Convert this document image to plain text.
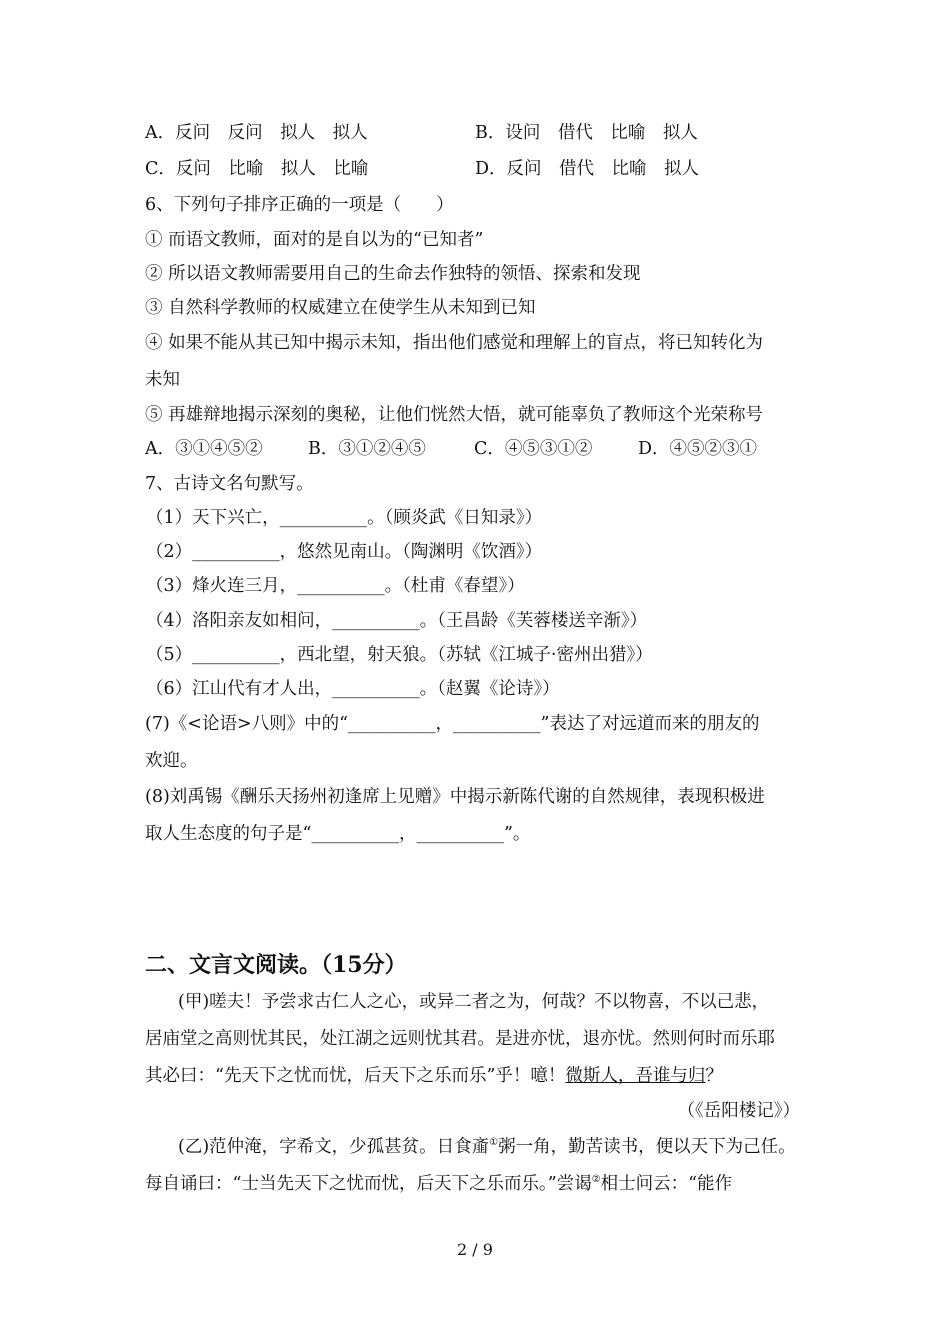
A．反问　反问　拟人　拟人	B．设问　借代　比喻　拟人
C．反问　比喻　拟人　比喻	D．反问　借代　比喻　拟人
6、下列句子排序正确的一项是（　　）
① 而语文教师，面对的是自以为的“已知者”
② 所以语文教师需要用自己的生命去作独特的领悟、探索和发现
③ 自然科学教师的权威建立在使学生从未知到已知
④ 如果不能从其已知中揭示未知，指出他们感觉和理解上的盲点，将已知转化为
未知
⑤ 再雄辩地揭示深刻的奥秘，让他们恍然大悟，就可能辜负了教师这个光荣称号
A．③①④⑤②	B．③①②④⑤	C．④⑤③①②	D．④⑤②③①
7、古诗文名句默写。
（1）天下兴亡，__________。（顾炎武《日知录》）
（2）__________，悠然见南山。（陶渊明《饮酒》）
（3）烽火连三月，__________。（杜甫《春望》）
（4）洛阳亲友如相问，__________。（王昌龄《芙蓉楼送辛渐》）
（5）__________，西北望，射天狼。（苏轼《江城子·密州出猎》）
（6）江山代有才人出，__________。（赵翼《论诗》）
(7)《<论语>八则》中的“__________，__________”表达了对远道而来的朋友的
欢迎。
(8)刘禹锡《酬乐天扬州初逢席上见赠》中揭示新陈代谢的自然规律，表现积极进
取人生态度的句子是“__________，__________”。
二、文言文阅读。（15分）
(甲)嗟夫！予尝求古仁人之心，或异二者之为，何哉？不以物喜，不以己悲，
居庙堂之高则忧其民，处江湖之远则忧其君。是进亦忧，退亦忧。然则何时而乐耶
其必曰：“先天下之忧而忧，后天下之乐而乐”乎！噫！微斯人，吾谁与归？
（《岳阳楼记》）
(乙)范仲淹，字希文，少孤甚贫。日食齑①粥一角，勤苦读书，便以天下为己任。
每自诵曰：“士当先天下之忧而忧，后天下之乐而乐。”尝谒②相士问云：“能作
2 / 9
